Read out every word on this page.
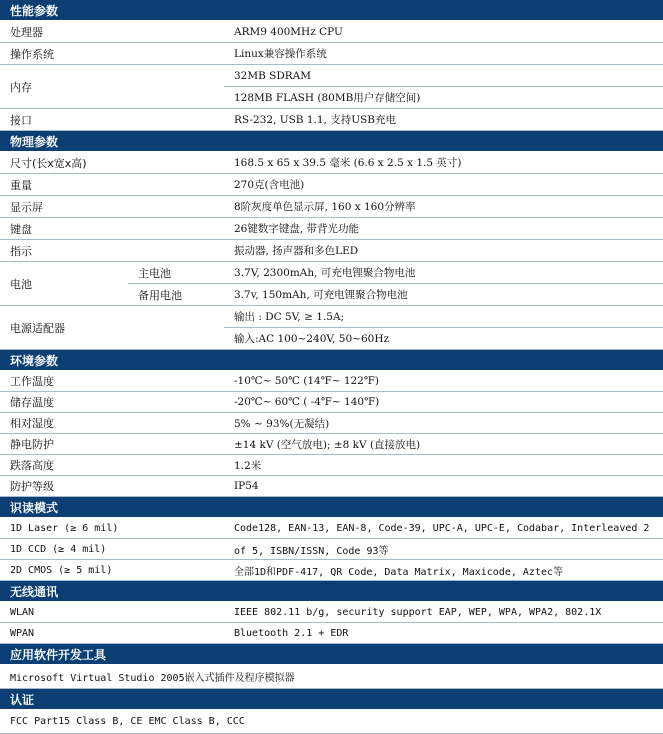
性能参数		
处理器		ARM9 400MHz CPU
操作系统		Linux兼容操作系统
内存		32MB SDRAM
		128MB FLASH (80MB用户存储空间)
接口		RS-232, USB 1.1, 支持USB充电
物理参数		
尺寸(长x宽x高)		168.5 x 65 x 39.5 毫米 (6.6 x 2.5 x 1.5 英寸)
重量		270克(含电池)
显示屏		8阶灰度单色显示屏, 160 x 160分辨率
键盘		26键数字键盘, 带背光功能
指示		振动器, 扬声器和多色LED
电池	主电池	3.7V, 2300mAh, 可充电锂聚合物电池
	备用电池	3.7v, 150mAh, 可充电锂聚合物电池
电源适配器		输出 : DC 5V, ≥ 1.5A;
		输入:AC 100~240V, 50~60Hz
环境参数		
工作温度		-10℃~ 50℃ (14℉~ 122℉)
储存温度		-20℃~ 60℃ ( -4℉~ 140℉)
相对湿度		5% ~ 93%(无凝结)
静电防护		±14 kV (空气放电); ±8 kV (直接放电)
跌落高度		1.2米
防护等级		IP54
识读模式		
1D Laser (≥ 6 mil)		Code128, EAN-13, EAN-8, Code-39, UPC-A, UPC-E, Codabar, Interleaved 2
1D CCD (≥ 4 mil)		of 5, ISBN/ISSN, Code 93等
2D CMOS (≥ 5 mil)		全部1D和PDF-417, QR Code, Data Matrix, Maxicode, Aztec等
无线通讯		
WLAN		IEEE 802.11 b/g, security support EAP, WEP, WPA, WPA2, 802.1X
WPAN		Bluetooth 2.1 + EDR
应用软件开发工具		
Microsoft Virtual Studio 2005嵌入式插件及程序模拟器		
认证		
FCC Part15 Class B, CE EMC Class B, CCC		
